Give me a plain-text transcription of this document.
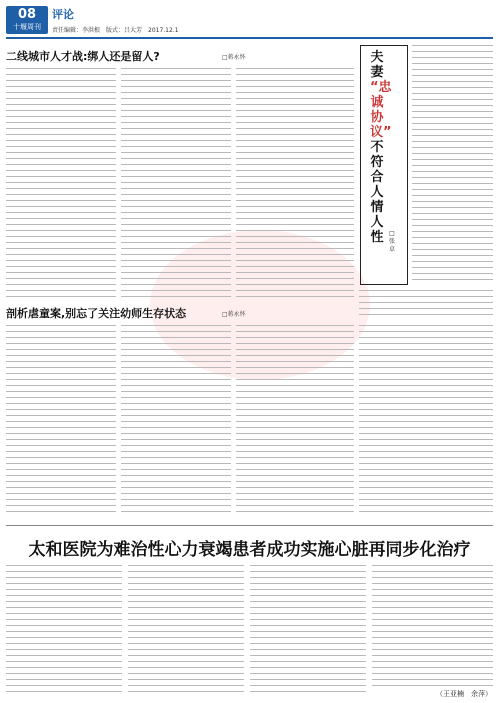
08
十堰周刊
评论
责任编辑：李洪根　版式：吕大芳　2017.12.1
二线城市人才战:绑人还是留人?	□蒋永怀
剖析虐童案,别忘了关注幼师生存状态	□蒋永怀
夫妻
“忠诚协议”
不符合人情人性 □张卓
太和医院为难治性心力衰竭患者成功实施心脏再同步化治疗
（王亚楠　余萍）
